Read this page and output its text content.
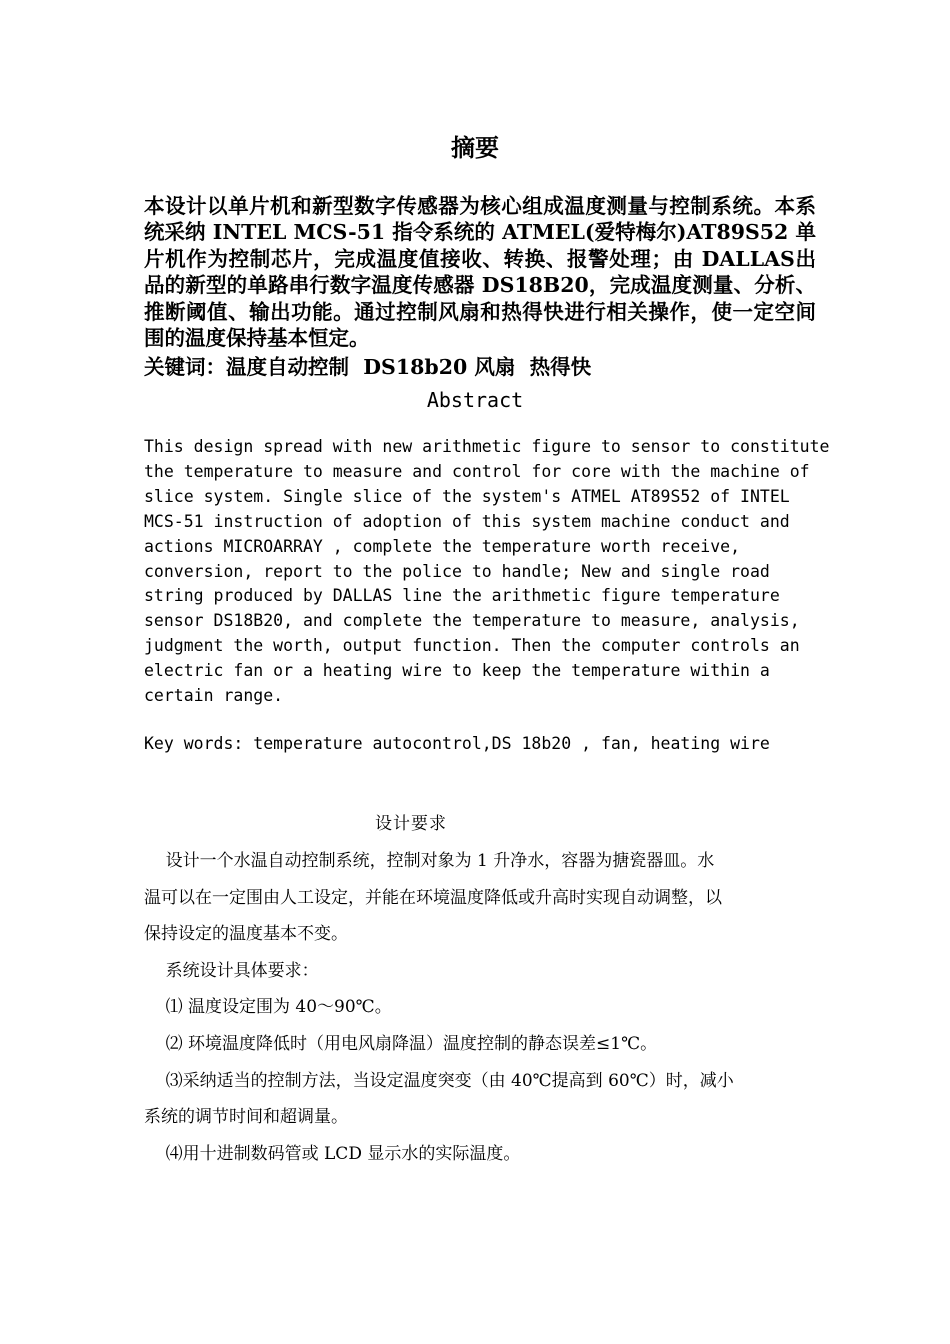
摘要
本设计以单片机和新型数字传感器为核心组成温度测量与控制系统。本系统采纳 INTEL MCS-51 指令系统的 ATMEL(爱特梅尔)AT89S52 单片机作为控制芯片，完成温度值接收、转换、报警处理；由 DALLAS出品的新型的单路串行数字温度传感器 DS18B20，完成温度测量、分析、推断阈值、输出功能。通过控制风扇和热得快进行相关操作，使一定空间围的温度保持基本恒定。
关键词：温度自动控制  DS18b20 风扇  热得快
Abstract

This design spread with new arithmetic figure to sensor to constitute

the temperature to measure and control for core with the machine of

slice system. Single slice of the system's ATMEL AT89S52 of INTEL

MCS-51 instruction of adoption of this system machine conduct and

actions MICROARRAY , complete the temperature worth receive,

conversion, report to the police to handle; New and single road

string produced by DALLAS line the arithmetic figure temperature

sensor DS18B20, and complete the temperature to measure, analysis,

judgment the worth, output function. Then the computer controls an

electric fan or a heating wire to keep the temperature within a

certain range.

Key words: temperature autocontrol,DS 18b20 , fan, heating wire
设计要求

设计一个水温自动控制系统，控制对象为 1 升净水，容器为搪瓷器皿。水

温可以在一定围由人工设定，并能在环境温度降低或升高时实现自动调整，以

保持设定的温度基本不变。

系统设计具体要求：

⑴ 温度设定围为 40～90℃。

⑵ 环境温度降低时（用电风扇降温）温度控制的静态误差≤1℃。

⑶采纳适当的控制方法，当设定温度突变（由 40℃提高到 60℃）时，减小

系统的调节时间和超调量。

⑷用十进制数码管或 LCD 显示水的实际温度。
